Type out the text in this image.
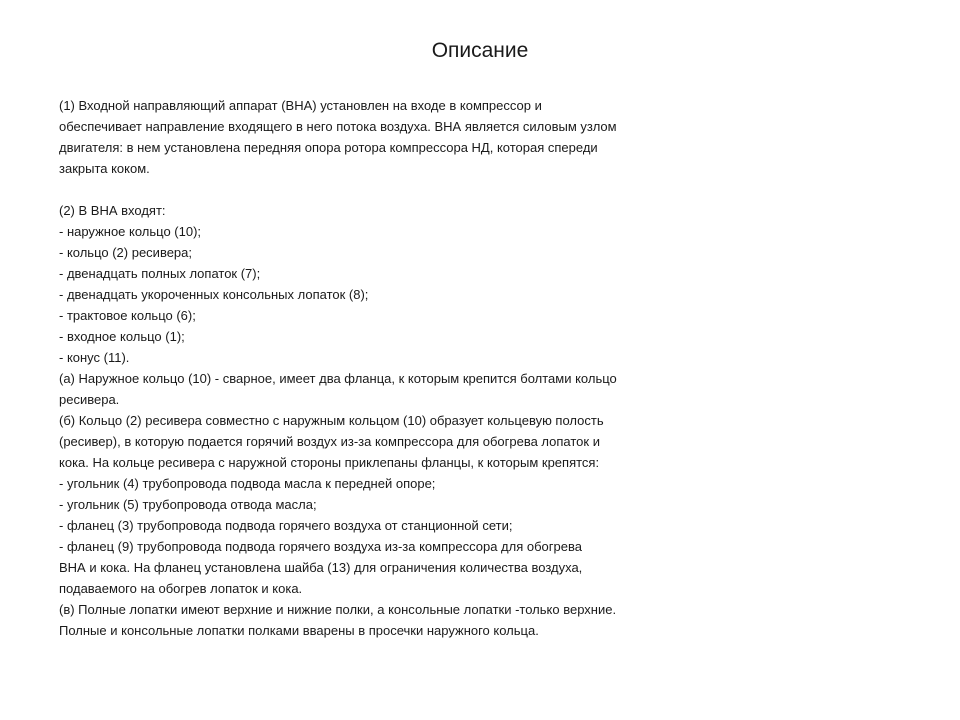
Описание
(1) Входной направляющий аппарат (ВНА) установлен на входе в компрессор и
обеспечивает направление входящего в него потока воздуха. ВНА является силовым узлом
двигателя: в нем установлена передняя опора ротора компрессора НД, которая спереди
закрыта коком.
(2) В ВНА входят:
- наружное кольцо (10);
- кольцо (2) ресивера;
- двенадцать полных лопаток (7);
- двенадцать укороченных консольных лопаток (8);
- трактовое кольцо (6);
- входное кольцо (1);
- конус (11).
(а) Наружное кольцо (10) - сварное, имеет два фланца, к которым крепится болтами кольцо
ресивера.
(б) Кольцо (2) ресивера совместно с наружным кольцом (10) образует кольцевую полость
(ресивер), в которую подается горячий воздух из-за компрессора для обогрева лопаток и
кока. На кольце ресивера с наружной стороны приклепаны фланцы, к которым крепятся:
- угольник (4) трубопровода подвода масла к передней опоре;
- угольник (5) трубопровода отвода масла;
- фланец (3) трубопровода подвода горячего воздуха от станционной сети;
- фланец (9) трубопровода подвода горячего воздуха из-за компрессора для обогрева
ВНА и кока. На фланец установлена шайба (13) для ограничения количества воздуха,
подаваемого на обогрев лопаток и кока.
(в) Полные лопатки имеют верхние и нижние полки, а консольные лопатки -только верхние.
Полные и консольные лопатки полками вварены в просечки наружного кольца.
